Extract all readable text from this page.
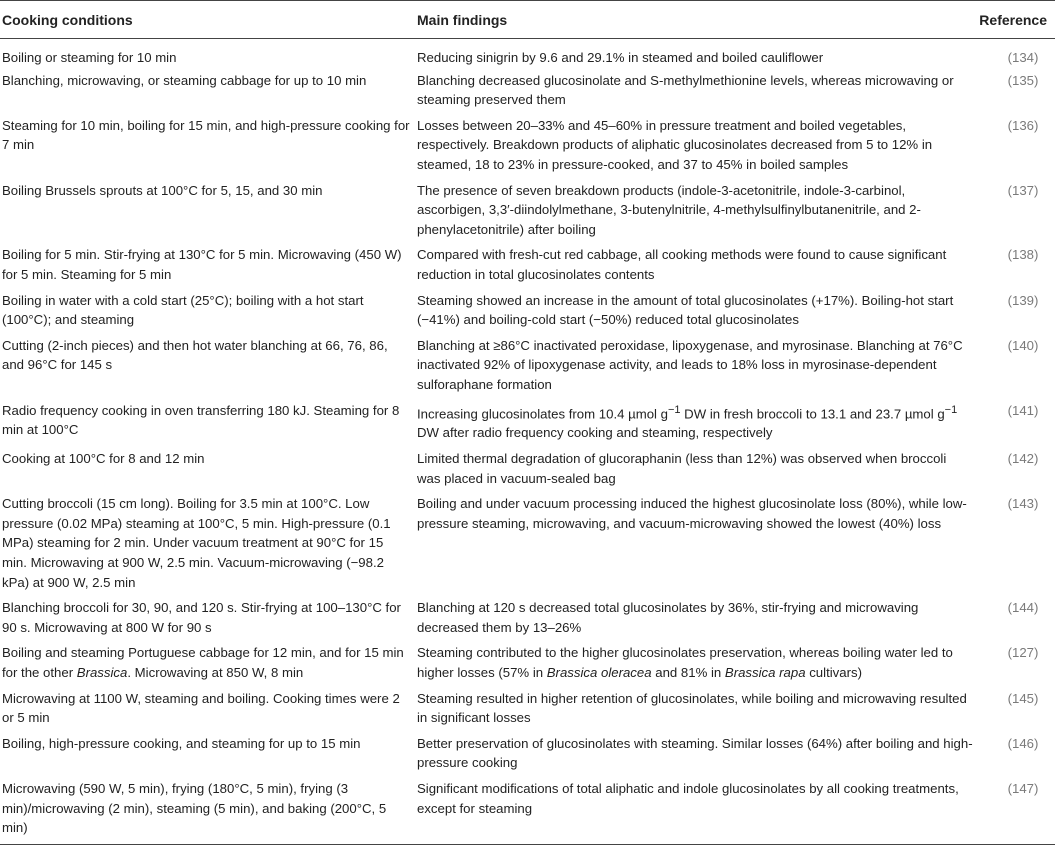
Cooking conditions	Main findings	Reference
Boiling or steaming for 10 min	Reducing sinigrin by 9.6 and 29.1% in steamed and boiled cauliflower	(134)
Blanching, microwaving, or steaming cabbage for up to 10 min	Blanching decreased glucosinolate and S-methylmethionine levels, whereas microwaving or steaming preserved them	(135)
Steaming for 10 min, boiling for 15 min, and high-pressure cooking for 7 min	Losses between 20–33% and 45–60% in pressure treatment and boiled vegetables, respectively. Breakdown products of aliphatic glucosinolates decreased from 5 to 12% in steamed, 18 to 23% in pressure-cooked, and 37 to 45% in boiled samples	(136)
Boiling Brussels sprouts at 100°C for 5, 15, and 30 min	The presence of seven breakdown products (indole-3-acetonitrile, indole-3-carbinol, ascorbigen, 3,3′-diindolylmethane, 3-butenylnitrile, 4-methylsulfinylbutanenitrile, and 2-phenylacetonitrile) after boiling	(137)
Boiling for 5 min. Stir-frying at 130°C for 5 min. Microwaving (450 W) for 5 min. Steaming for 5 min	Compared with fresh-cut red cabbage, all cooking methods were found to cause significant reduction in total glucosinolates contents	(138)
Boiling in water with a cold start (25°C); boiling with a hot start (100°C); and steaming	Steaming showed an increase in the amount of total glucosinolates (+17%). Boiling-hot start (−41%) and boiling-cold start (−50%) reduced total glucosinolates	(139)
Cutting (2-inch pieces) and then hot water blanching at 66, 76, 86, and 96°C for 145 s	Blanching at ≥86°C inactivated peroxidase, lipoxygenase, and myrosinase. Blanching at 76°C inactivated 92% of lipoxygenase activity, and leads to 18% loss in myrosinase-dependent sulforaphane formation	(140)
Radio frequency cooking in oven transferring 180 kJ. Steaming for 8 min at 100°C	Increasing glucosinolates from 10.4 µmol $g^{-1}$ DW in fresh broccoli to 13.1 and 23.7 µmol $g^{-1}$ DW after radio frequency cooking and steaming, respectively	(141)
Cooking at 100°C for 8 and 12 min	Limited thermal degradation of glucoraphanin (less than 12%) was observed when broccoli was placed in vacuum-sealed bag	(142)
Cutting broccoli (15 cm long). Boiling for 3.5 min at 100°C. Low pressure (0.02 MPa) steaming at 100°C, 5 min. High-pressure (0.1 MPa) steaming for 2 min. Under vacuum treatment at 90°C for 15 min. Microwaving at 900 W, 2.5 min. Vacuum-microwaving (−98.2 kPa) at 900 W, 2.5 min	Boiling and under vacuum processing induced the highest glucosinolate loss (80%), while low-pressure steaming, microwaving, and vacuum-microwaving showed the lowest (40%) loss	(143)
Blanching broccoli for 30, 90, and 120 s. Stir-frying at 100–130°C for 90 s. Microwaving at 800 W for 90 s	Blanching at 120 s decreased total glucosinolates by 36%, stir-frying and microwaving decreased them by 13–26%	(144)
Boiling and steaming Portuguese cabbage for 12 min, and for 15 min for the other Brassica. Microwaving at 850 W, 8 min	Steaming contributed to the higher glucosinolates preservation, whereas boiling water led to higher losses (57% in Brassica oleracea and 81% in Brassica rapa cultivars)	(127)
Microwaving at 1100 W, steaming and boiling. Cooking times were 2 or 5 min	Steaming resulted in higher retention of glucosinolates, while boiling and microwaving resulted in significant losses	(145)
Boiling, high-pressure cooking, and steaming for up to 15 min	Better preservation of glucosinolates with steaming. Similar losses (64%) after boiling and high-pressure cooking	(146)
Microwaving (590 W, 5 min), frying (180°C, 5 min), frying (3 min)/microwaving (2 min), steaming (5 min), and baking (200°C, 5 min)	Significant modifications of total aliphatic and indole glucosinolates by all cooking treatments, except for steaming	(147)
